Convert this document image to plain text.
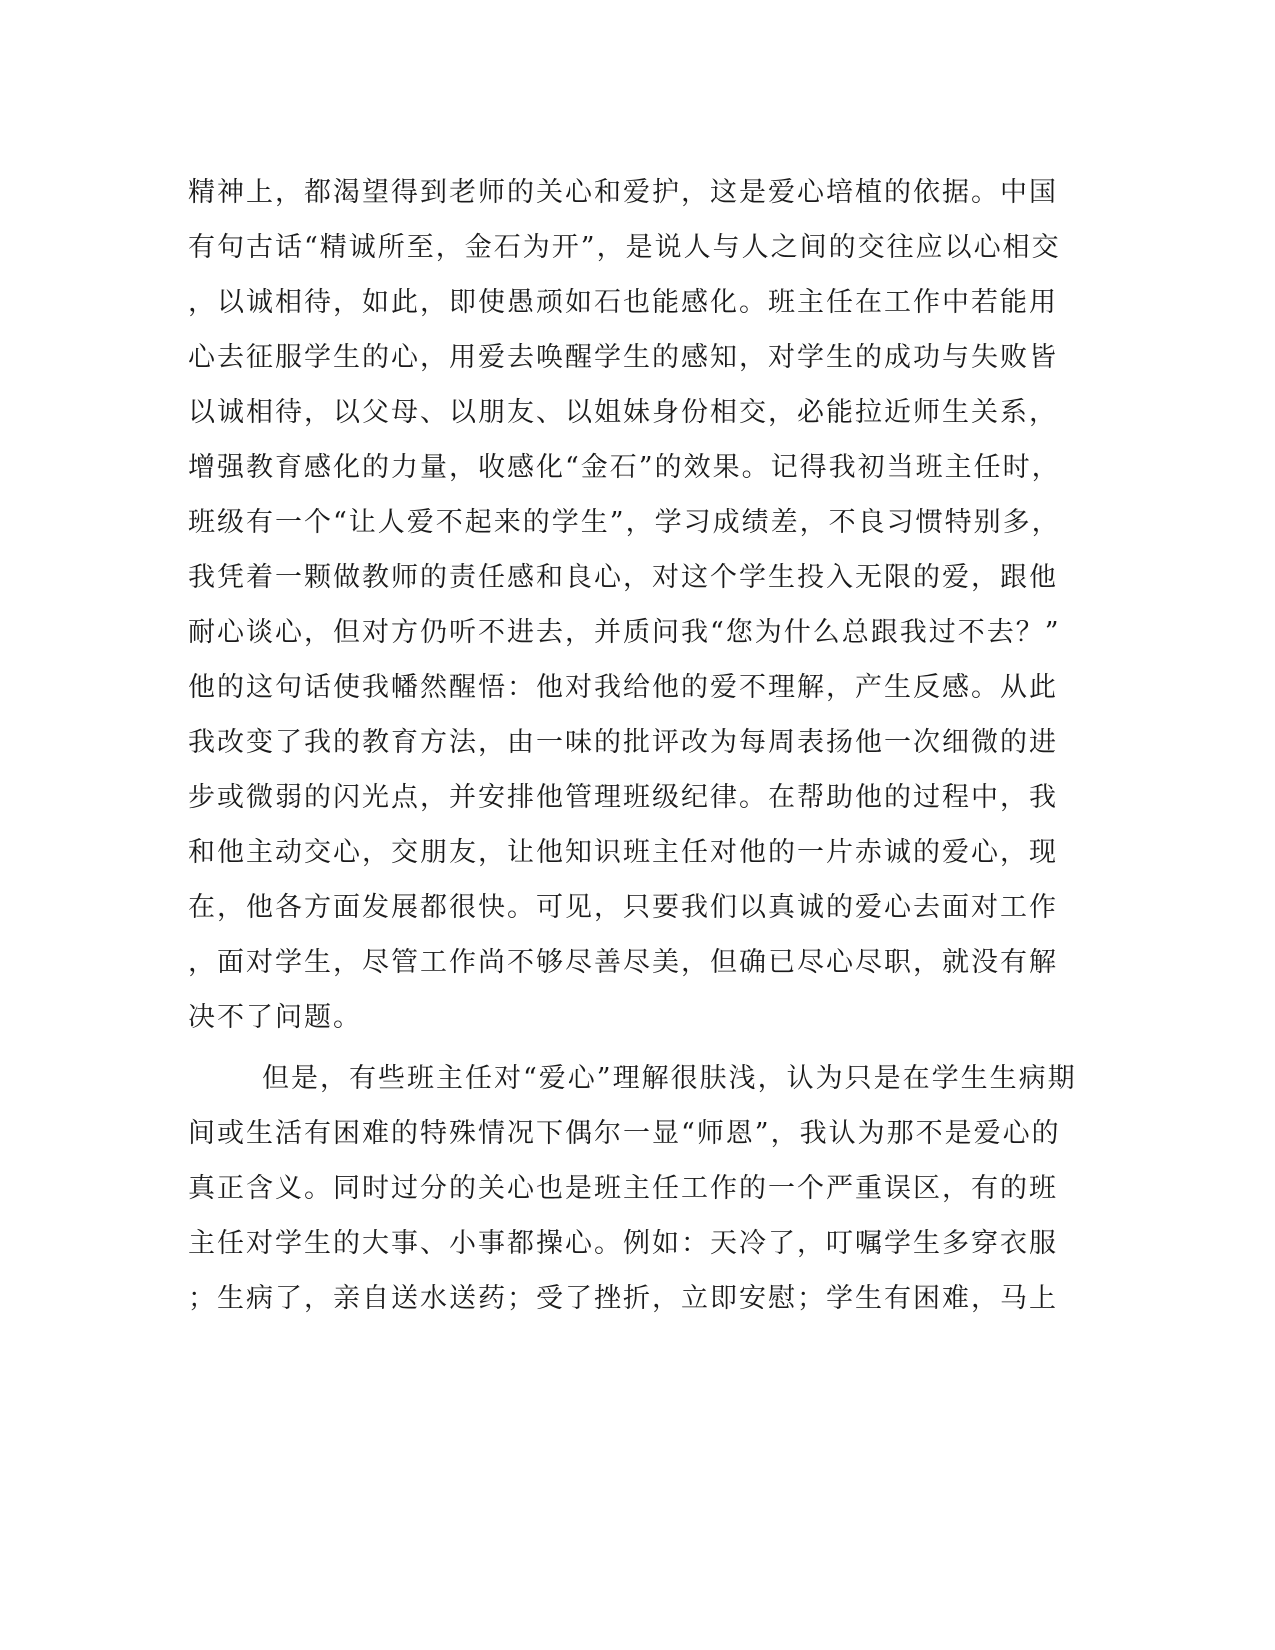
精神上，都渴望得到老师的关心和爱护，这是爱心培植的依据。中国
有句古话“精诚所至，金石为开”，是说人与人之间的交往应以心相交
，以诚相待，如此，即使愚顽如石也能感化。班主任在工作中若能用
心去征服学生的心，用爱去唤醒学生的感知，对学生的成功与失败皆
以诚相待，以父母、以朋友、以姐妹身份相交，必能拉近师生关系，
增强教育感化的力量，收感化“金石”的效果。记得我初当班主任时，
班级有一个“让人爱不起来的学生”，学习成绩差，不良习惯特别多，
我凭着一颗做教师的责任感和良心，对这个学生投入无限的爱，跟他
耐心谈心，但对方仍听不进去，并质问我“您为什么总跟我过不去？”
他的这句话使我幡然醒悟：他对我给他的爱不理解，产生反感。从此
我改变了我的教育方法，由一味的批评改为每周表扬他一次细微的进
步或微弱的闪光点，并安排他管理班级纪律。在帮助他的过程中，我
和他主动交心，交朋友，让他知识班主任对他的一片赤诚的爱心，现
在，他各方面发展都很快。可见，只要我们以真诚的爱心去面对工作
，面对学生，尽管工作尚不够尽善尽美，但确已尽心尽职，就没有解
决不了问题。
但是，有些班主任对“爱心”理解很肤浅，认为只是在学生生病期
间或生活有困难的特殊情况下偶尔一显“师恩”，我认为那不是爱心的
真正含义。同时过分的关心也是班主任工作的一个严重误区，有的班
主任对学生的大事、小事都操心。例如：天冷了，叮嘱学生多穿衣服
；生病了，亲自送水送药；受了挫折，立即安慰；学生有困难，马上
